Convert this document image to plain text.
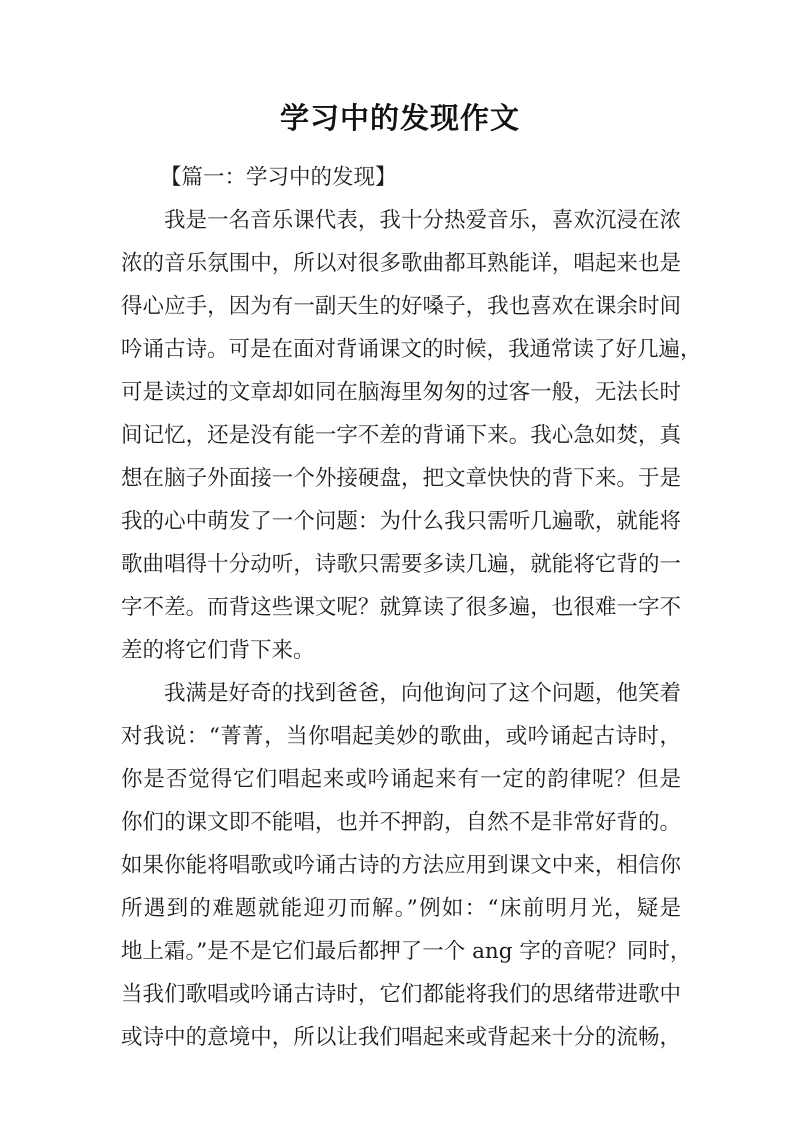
学习中的发现作文
【篇一：学习中的发现】
我是一名音乐课代表，我十分热爱音乐，喜欢沉浸在浓
浓的音乐氛围中，所以对很多歌曲都耳熟能详，唱起来也是
得心应手，因为有一副天生的好嗓子，我也喜欢在课余时间
吟诵古诗。可是在面对背诵课文的时候，我通常读了好几遍，
可是读过的文章却如同在脑海里匆匆的过客一般，无法长时
间记忆，还是没有能一字不差的背诵下来。我心急如焚，真
想在脑子外面接一个外接硬盘，把文章快快的背下来。于是
我的心中萌发了一个问题：为什么我只需听几遍歌，就能将
歌曲唱得十分动听，诗歌只需要多读几遍，就能将它背的一
字不差。而背这些课文呢？就算读了很多遍，也很难一字不
差的将它们背下来。
我满是好奇的找到爸爸，向他询问了这个问题，他笑着
对我说：“菁菁，当你唱起美妙的歌曲，或吟诵起古诗时，
你是否觉得它们唱起来或吟诵起来有一定的韵律呢？但是
你们的课文即不能唱，也并不押韵，自然不是非常好背的。
如果你能将唱歌或吟诵古诗的方法应用到课文中来，相信你
所遇到的难题就能迎刃而解。”例如：“床前明月光，疑是
地上霜。”是不是它们最后都押了一个 ang 字的音呢？同时，
当我们歌唱或吟诵古诗时，它们都能将我们的思绪带进歌中
或诗中的意境中，所以让我们唱起来或背起来十分的流畅，
